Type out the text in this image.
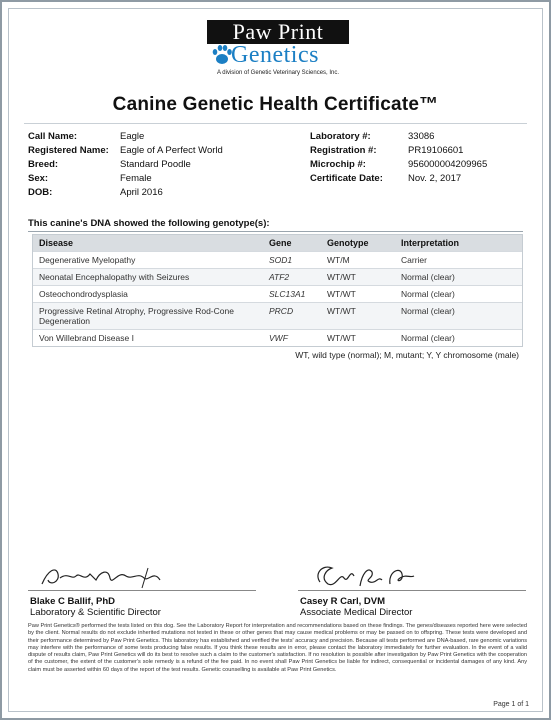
Paw Print
Genetics
A division of Genetic Veterinary Sciences, Inc.
Canine Genetic Health Certificate™
Call Name:	Eagle
Registered Name:	Eagle of A Perfect World
Breed:	Standard Poodle
Sex:	Female
DOB:	April 2016
Laboratory #:	33086
Registration #:	PR19106601
Microchip #:	956000004209965
Certificate Date:	Nov. 2, 2017
This canine's DNA showed the following genotype(s):
Disease	Gene	Genotype	Interpretation
Degenerative Myelopathy	SOD1	WT/M	Carrier
Neonatal Encephalopathy with Seizures	ATF2	WT/WT	Normal (clear)
Osteochondrodysplasia	SLC13A1	WT/WT	Normal (clear)
Progressive Retinal Atrophy, Progressive Rod-Cone Degeneration
PRCD	WT/WT	Normal (clear)
Von Willebrand Disease I	VWF	WT/WT	Normal (clear)
WT, wild type (normal); M, mutant; Y, Y chromosome (male)
Blake C Ballif, PhD
Laboratory & Scientific Director
Casey R Carl, DVM
Associate Medical Director
Paw Print Genetics® performed the tests listed on this dog. See the Laboratory Report for interpretation and recommendations based on these findings. The genes/diseases reported here were selected by the client. Normal results do not exclude inherited mutations not tested in these or other genes that may cause medical problems or may be passed on to offspring. These tests were developed and their performance determined by Paw Print Genetics. This laboratory has established and verified the tests' accuracy and precision. Because all tests performed are DNA-based, rare genomic variations may interfere with the performance of some tests producing false results. If you think these results are in error, please contact the laboratory immediately for further evaluation. In the event of a valid dispute of results claim, Paw Print Genetics will do its best to resolve such a claim to the customer's satisfaction. If no resolution is possible after investigation by Paw Print Genetics with the cooperation of the customer, the extent of the customer's sole remedy is a refund of the fee paid. In no event shall Paw Print Genetics be liable for indirect, consequential or incidental damages of any kind. Any claim must be asserted within 60 days of the report of the test results. Genetic counselling is available at Paw Print Genetics.
Page 1 of 1
